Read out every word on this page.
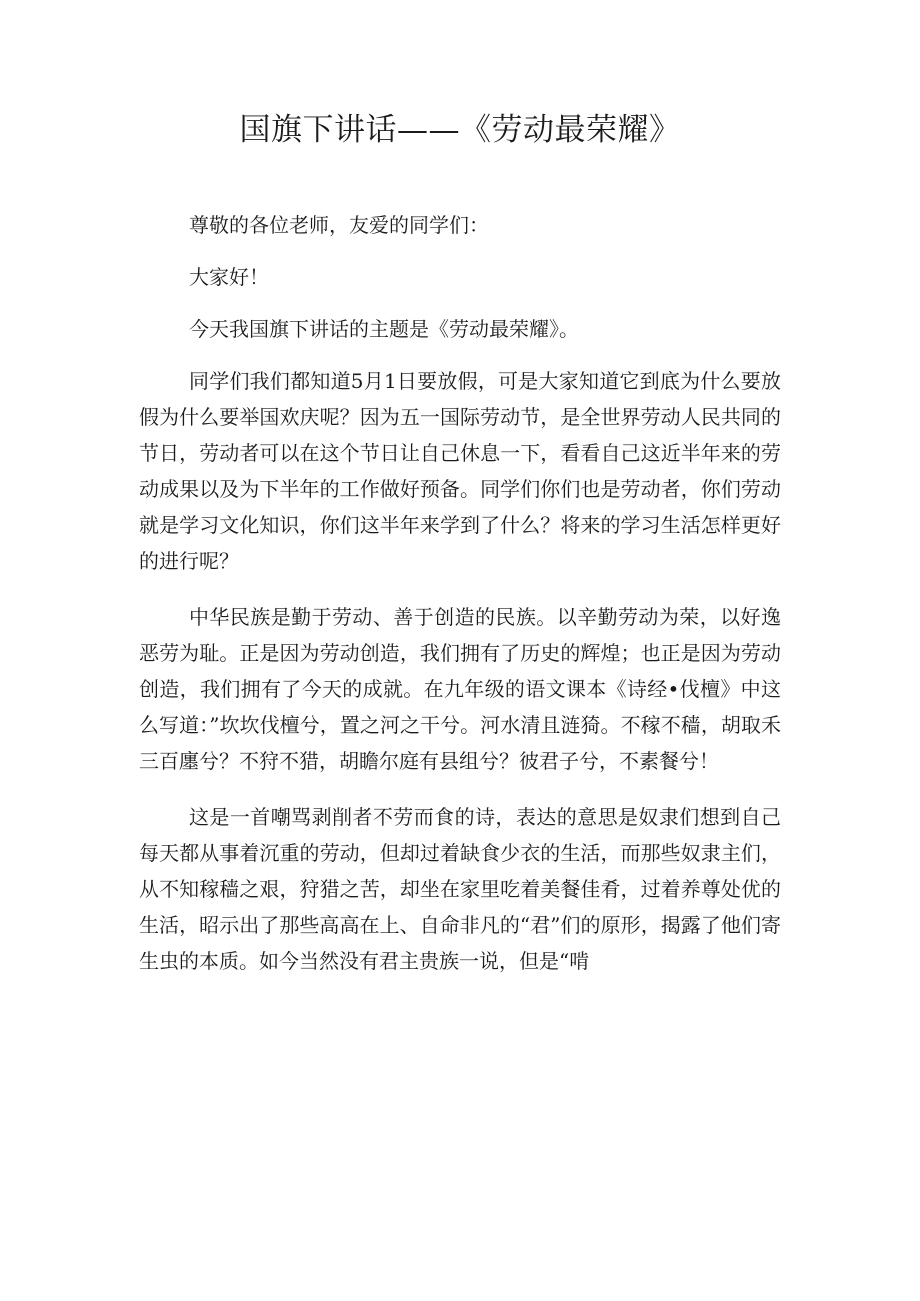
国旗下讲话——《劳动最荣耀》

尊敬的各位老师，友爱的同学们：

大家好！

今天我国旗下讲话的主题是《劳动最荣耀》。

同学们我们都知道5月1日要放假，可是大家知道它到底为什么要放假为什么要举国欢庆呢？因为五一国际劳动节，是全世界劳动人民共同的节日，劳动者可以在这个节日让自己休息一下，看看自己这近半年来的劳动成果以及为下半年的工作做好预备。同学们你们也是劳动者，你们劳动就是学习文化知识，你们这半年来学到了什么？将来的学习生活怎样更好的进行呢？

中华民族是勤于劳动、善于创造的民族。以辛勤劳动为荣，以好逸恶劳为耻。正是因为劳动创造，我们拥有了历史的辉煌；也正是因为劳动创造，我们拥有了今天的成就。在九年级的语文课本《诗经•伐檀》中这么写道：”坎坎伐檀兮，置之河之干兮。河水清且涟猗。不稼不穑，胡取禾三百廛兮？不狩不猎，胡瞻尔庭有县组兮？彼君子兮，不素餐兮！

这是一首嘲骂剥削者不劳而食的诗，表达的意思是奴隶们想到自己每天都从事着沉重的劳动，但却过着缺食少衣的生活，而那些奴隶主们，从不知稼穑之艰，狩猎之苦，却坐在家里吃着美餐佳肴，过着养尊处优的生活，昭示出了那些高高在上、自命非凡的“君”们的原形，揭露了他们寄生虫的本质。如今当然没有君主贵族一说，但是“啃
